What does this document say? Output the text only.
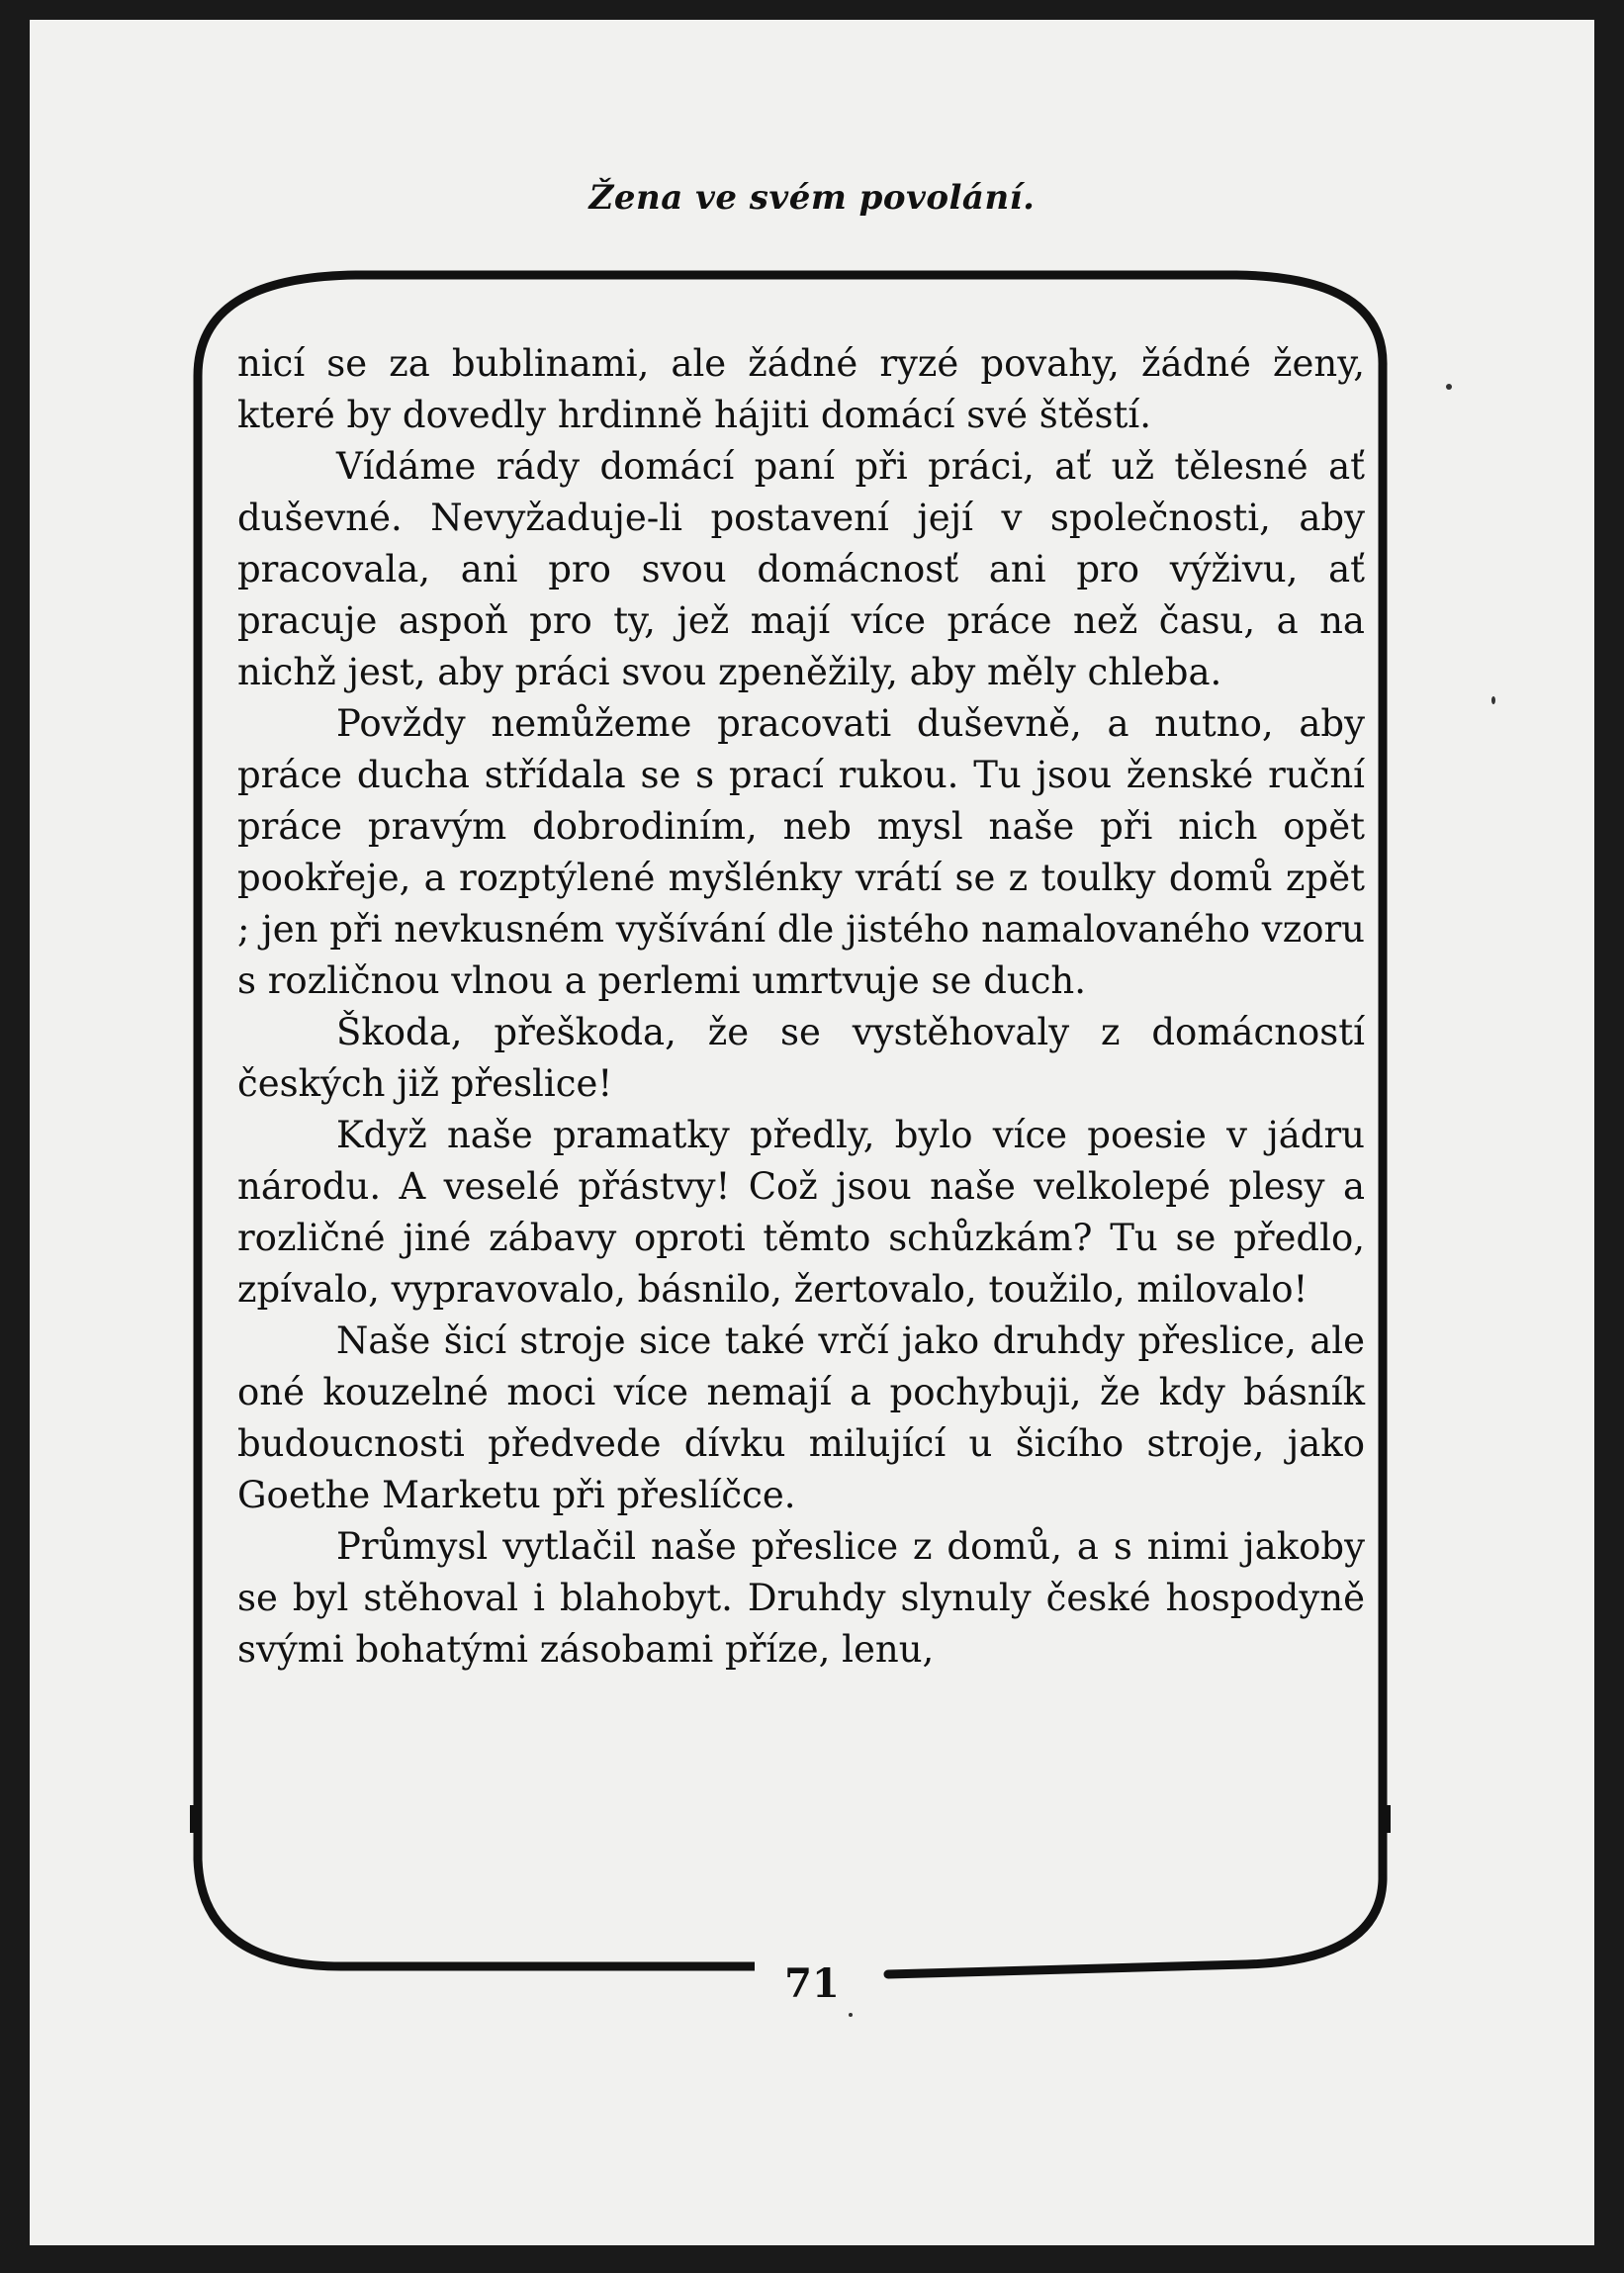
Žena ve svém povolání.

nicí se za bublinami, ale žádné ryzé povahy, žádné ženy, které by dovedly hrdinně hájiti domácí své štěstí.

Vídáme rády domácí paní při práci, ať už tělesné ať duševné. Nevyžaduje-li postavení její v společnosti, aby pracovala, ani pro svou domácnosť ani pro výživu, ať pracuje aspoň pro ty, jež mají více práce než času, a na nichž jest, aby práci svou zpeněžily, aby měly chleba.

Povždy nemůžeme pracovati duševně, a nutno, aby práce ducha střídala se s prací rukou. Tu jsou ženské ruční práce pravým dobrodiním, neb mysl naše při nich opět pookřeje, a rozptýlené myšlénky vrátí se z toulky domů zpět ; jen při nevkusném vyšívání dle jistého namalovaného vzoru s rozličnou vlnou a perlemi umrtvuje se duch.

Škoda, přeškoda, že se vystěhovaly z domácností českých již přeslice!

Když naše pramatky předly, bylo více poesie v jádru národu. A veselé přástvy! Což jsou naše velkolepé plesy a rozličné jiné zábavy oproti těmto schůzkám? Tu se předlo, zpívalo, vypravovalo, básnilo, žertovalo, toužilo, milovalo!

Naše šicí stroje sice také vrčí jako druhdy přeslice, ale oné kouzelné moci více nemají a pochybuji, že kdy básník budoucnosti předvede dívku milující u šicího stroje, jako Goethe Marketu při přeslíčce.

Průmysl vytlačil naše přeslice z domů, a s nimi jakoby se byl stěhoval i blahobyt. Druhdy slynuly české hospodyně svými bohatými zásobami příze, lenu,

71
